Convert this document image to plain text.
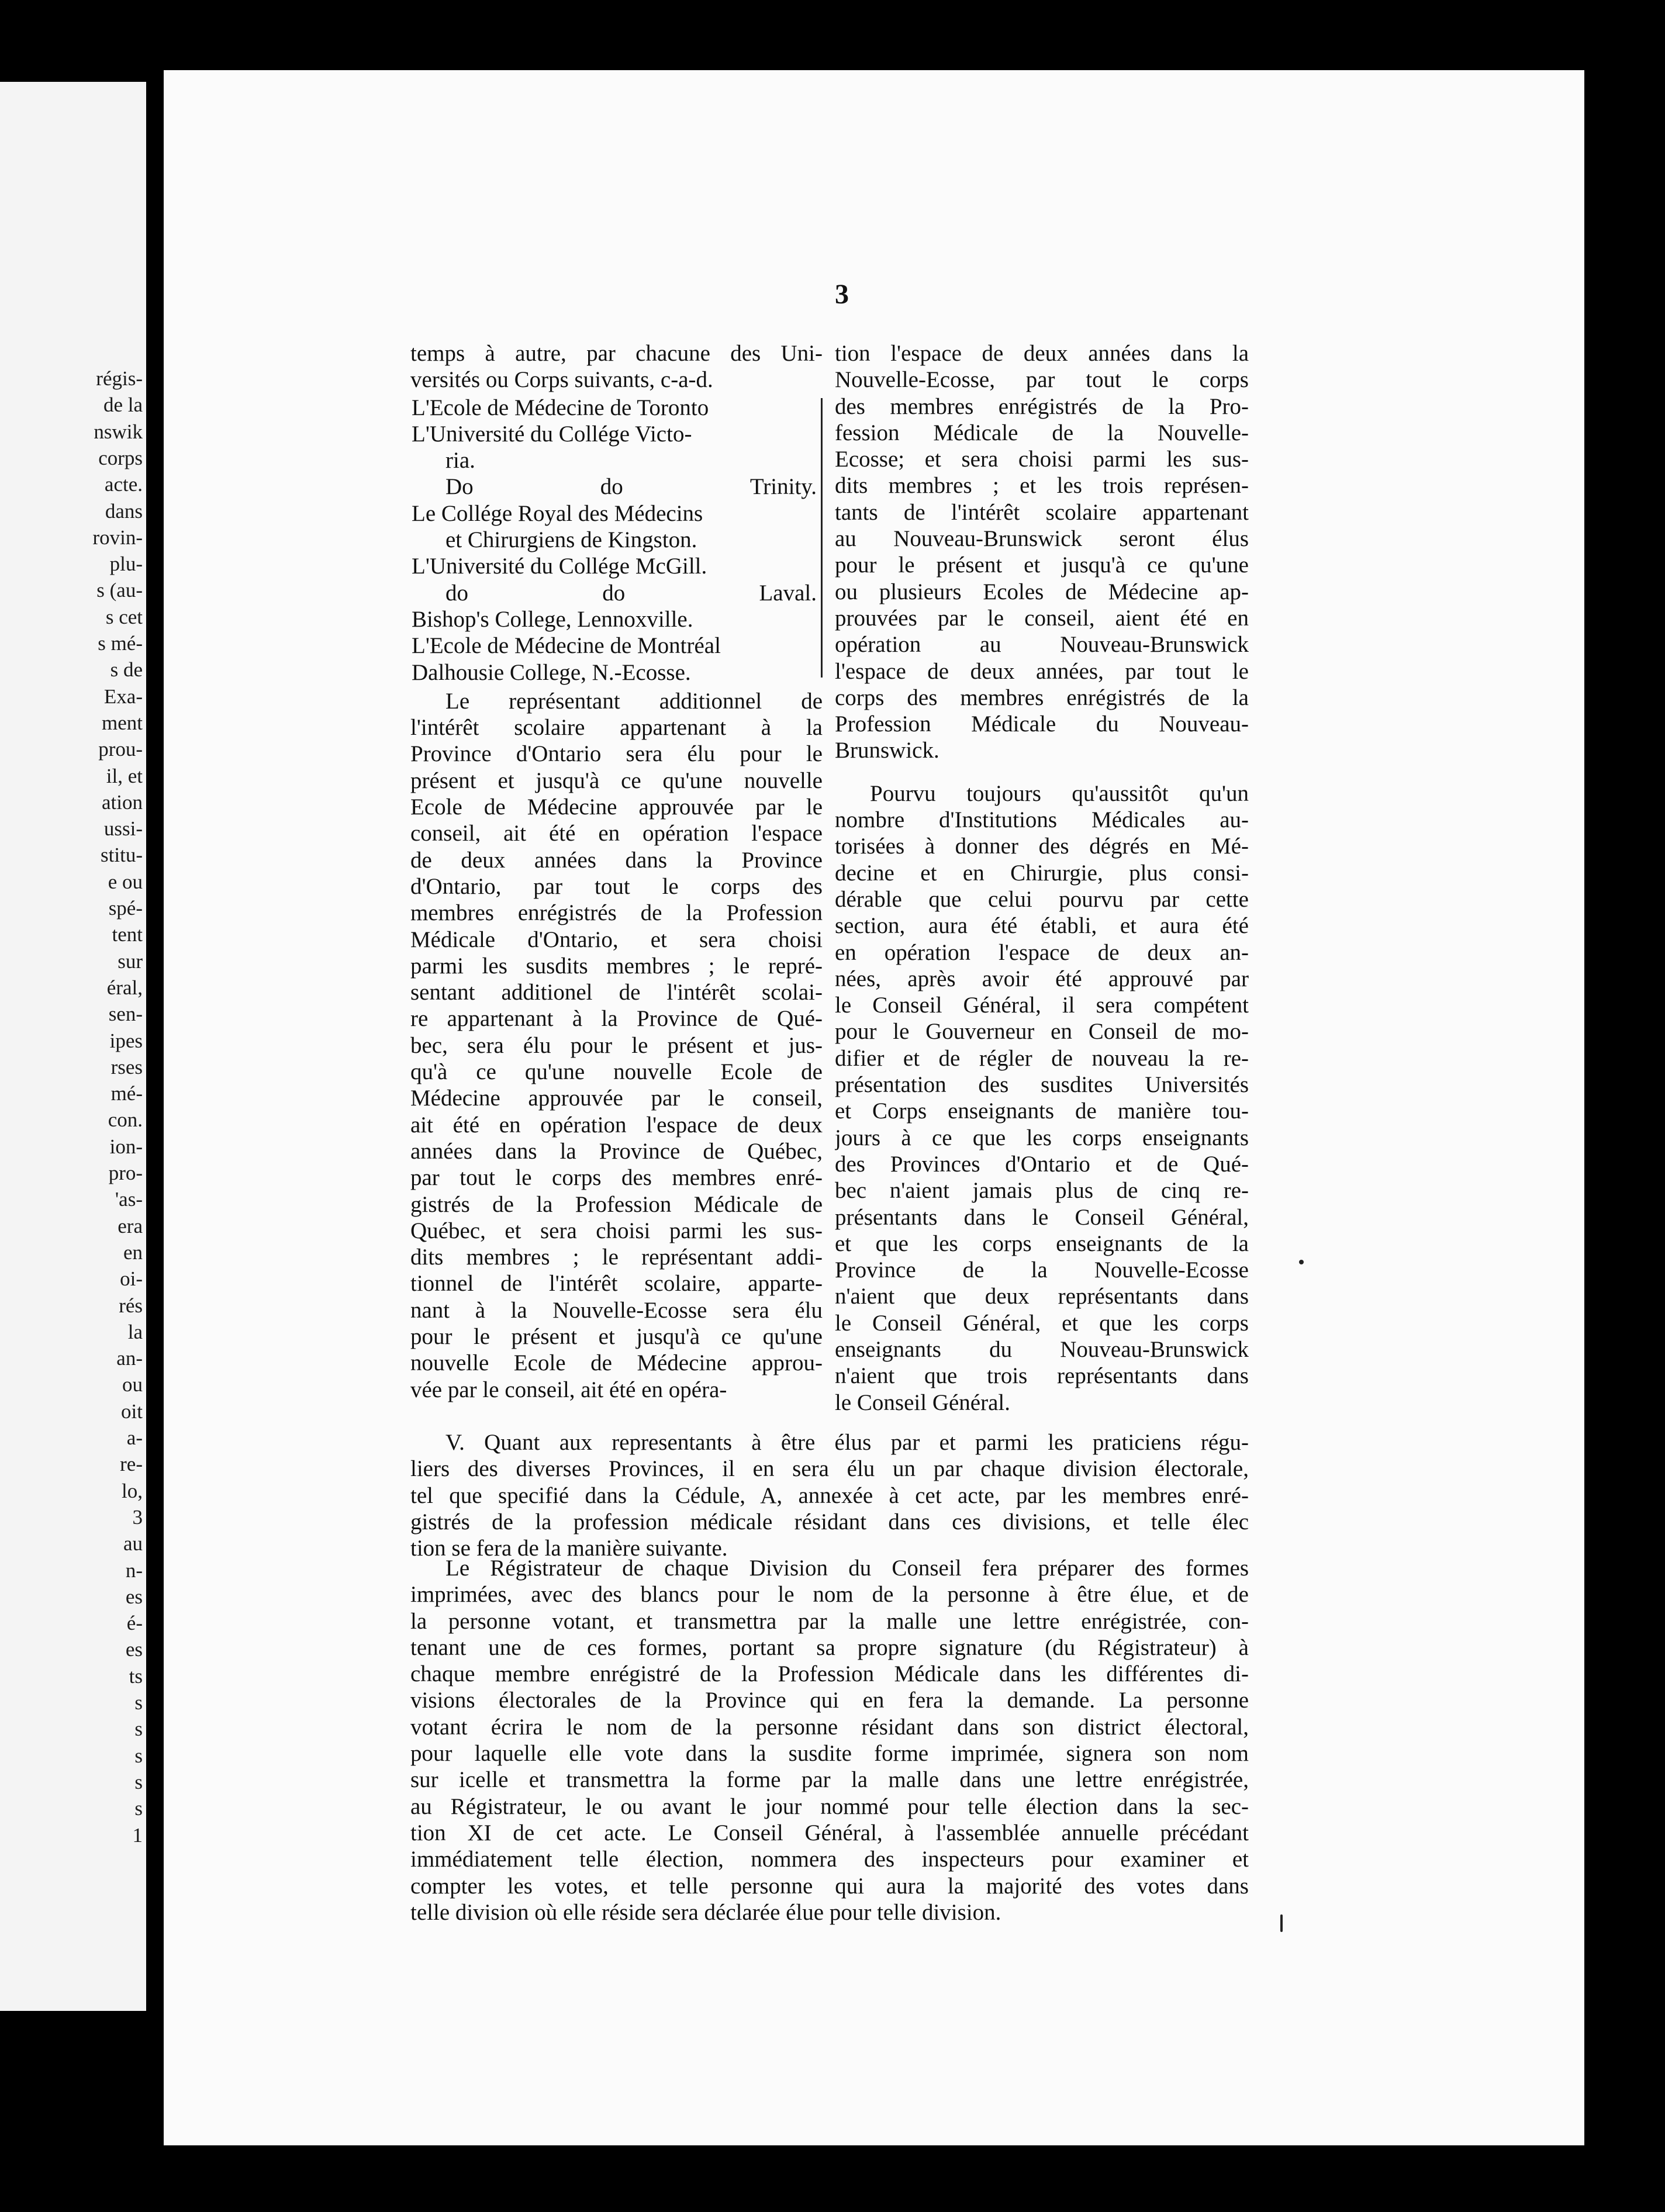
régis-
de la
nswik
corps
acte.
dans
rovin-
plu-
s (au-
s cet
s mé-
s de
Exa-
ment
prou-
il, et
ation
ussi-
stitu-
e ou
spé-
tent
sur
éral,
sen-
ipes
rses
mé-
con.
ion-
pro-
'as-
era
en
oi-
rés
la
an-
ou
oit
a-
re-
lo,
3
au
n-
es
é-
es
ts
s
s
s
s
s
1
3
temps à autre, par chacune des Uni-
versités ou Corps suivants, c-a-d.
L'Ecole de Médecine de Toronto
L'Université du Collége Victo-
ria.
Do	do	Trinity.
Le Collége Royal des Médecins
et Chirurgiens de Kingston.
L'Université du Collége McGill.
do	do	Laval.
Bishop's College, Lennoxville.
L'Ecole de Médecine de Montréal
Dalhousie College, N.-Ecosse.
Le représentant additionnel de
l'intérêt scolaire appartenant à la
Province d'Ontario sera élu pour le
présent et jusqu'à ce qu'une nouvelle
Ecole de Médecine approuvée par le
conseil, ait été en opération l'espace
de deux années dans la Province
d'Ontario, par tout le corps des
membres enrégistrés de la Profession
Médicale d'Ontario, et sera choisi
parmi les susdits membres ; le repré-
sentant additionel de l'intérêt scolai-
re appartenant à la Province de Qué-
bec, sera élu pour le présent et jus-
qu'à ce qu'une nouvelle Ecole de
Médecine approuvée par le conseil,
ait été en opération l'espace de deux
années dans la Province de Québec,
par tout le corps des membres enré-
gistrés de la Profession Médicale de
Québec, et sera choisi parmi les sus-
dits membres ; le représentant addi-
tionnel de l'intérêt scolaire, apparte-
nant à la Nouvelle-Ecosse sera élu
pour le présent et jusqu'à ce qu'une
nouvelle Ecole de Médecine approu-
vée par le conseil, ait été en opéra-
tion l'espace de deux années dans la
Nouvelle-Ecosse, par tout le corps
des membres enrégistrés de la Pro-
fession Médicale de la Nouvelle-
Ecosse; et sera choisi parmi les sus-
dits membres ; et les trois représen-
tants de l'intérêt scolaire appartenant
au Nouveau-Brunswick seront élus
pour le présent et jusqu'à ce qu'une
ou plusieurs Ecoles de Médecine ap-
prouvées par le conseil, aient été en
opération au Nouveau-Brunswick
l'espace de deux années, par tout le
corps des membres enrégistrés de la
Profession Médicale du Nouveau-
Brunswick.
Pourvu toujours qu'aussitôt qu'un
nombre d'Institutions Médicales au-
torisées à donner des dégrés en Mé-
decine et en Chirurgie, plus consi-
dérable que celui pourvu par cette
section, aura été établi, et aura été
en opération l'espace de deux an-
nées, après avoir été approuvé par
le Conseil Général, il sera compétent
pour le Gouverneur en Conseil de mo-
difier et de régler de nouveau la re-
présentation des susdites Universités
et Corps enseignants de manière tou-
jours à ce que les corps enseignants
des Provinces d'Ontario et de Qué-
bec n'aient jamais plus de cinq re-
présentants dans le Conseil Général,
et que les corps enseignants de la
Province de la Nouvelle-Ecosse
n'aient que deux représentants dans
le Conseil Général, et que les corps
enseignants du Nouveau-Brunswick
n'aient que trois représentants dans
le Conseil Général.
V. Quant aux representants à être élus par et parmi les praticiens régu-
liers des diverses Provinces, il en sera élu un par chaque division électorale,
tel que specifié dans la Cédule, A, annexée à cet acte, par les membres enré-
gistrés de la profession médicale résidant dans ces divisions, et telle élec
tion se fera de la manière suivante.
Le Régistrateur de chaque Division du Conseil fera préparer des formes
imprimées, avec des blancs pour le nom de la personne à être élue, et de
la personne votant, et transmettra par la malle une lettre enrégistrée, con-
tenant une de ces formes, portant sa propre signature (du Régistrateur) à
chaque membre enrégistré de la Profession Médicale dans les différentes di-
visions électorales de la Province qui en fera la demande. La personne
votant écrira le nom de la personne résidant dans son district électoral,
pour laquelle elle vote dans la susdite forme imprimée, signera son nom
sur icelle et transmettra la forme par la malle dans une lettre enrégistrée,
au Régistrateur, le ou avant le jour nommé pour telle élection dans la sec-
tion XI de cet acte. Le Conseil Général, à l'assemblée annuelle précédant
immédiatement telle élection, nommera des inspecteurs pour examiner et
compter les votes, et telle personne qui aura la majorité des votes dans
telle division où elle réside sera déclarée élue pour telle division.
